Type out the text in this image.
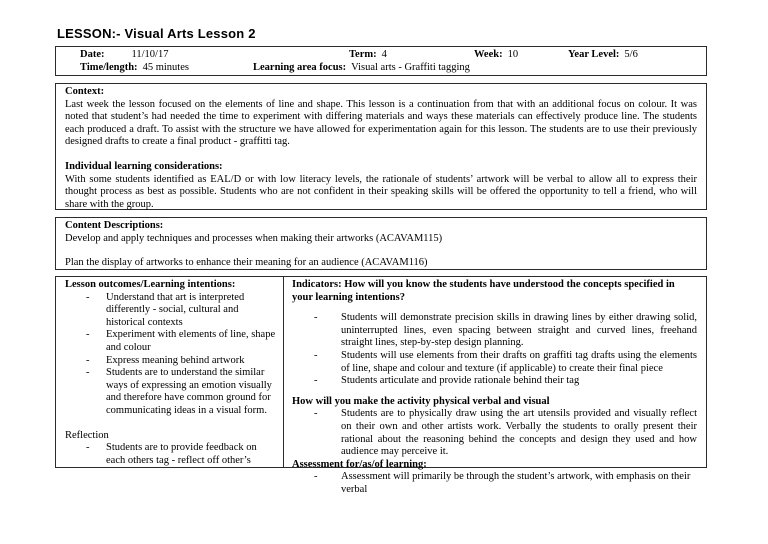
LESSON:- Visual Arts Lesson 2
Date:	11/10/17	Term: 4	Week: 10	Year Level: 5/6
Time/length: 45 minutes	Learning area focus: Visual arts - Graffiti tagging
Context:
Last week the lesson focused on the elements of line and shape. This lesson is a continuation from that with an additional focus on colour. It was noted that student’s had needed the time to experiment with differing materials and ways these materials can effectively produce line. The students each produced a draft. To assist with the structure we have allowed for experimentation again for this lesson. The students are to use their previously designed drafts to create a final product - graffitti tag.
Individual learning considerations:
With some students identified as EAL/D or with low literacy levels, the rationale of students’ artwork will be verbal to allow all to express their thought process as best as possible. Students who are not confident in their speaking skills will be offered the opportunity to tell a friend, who will share with the group.
Content Descriptions:
Develop and apply techniques and processes when making their artworks (ACAVAM115)
Plan the display of artworks to enhance their meaning for an audience (ACAVAM116)
Lesson outcomes/Learning intentions:
- Understand that art is interpreted differently - social, cultural and historical contexts
- Experiment with elements of line, shape and colour
- Express meaning behind artwork
- Students are to understand the similar ways of expressing an emotion visually and therefore have common ground for communicating ideas in a visual form.
Reflection
- Students are to provide feedback on each others tag - reflect off other’s
Indicators: How will you know the students have understood the concepts specified in your learning intentions?
- Students will demonstrate precision skills in drawing lines by either drawing solid, uninterrupted lines, even spacing between straight and curved lines, freehand straight lines, step-by-step design planning.
- Students will use elements from their drafts on graffiti tag drafts using the elements of line, shape and colour and texture (if applicable) to create their final piece
- Students articulate and provide rationale behind their tag
How will you make the activity physical verbal and visual
- Students are to physically draw using the art utensils provided and visually reflect on their own and other artists work. Verbally the students to orally present their rational about the reasoning behind the concepts and design they used and how audience may perceive it.
Assessment for/as/of learning:
- Assessment will primarily be through the student’s artwork, with emphasis on their verbal
